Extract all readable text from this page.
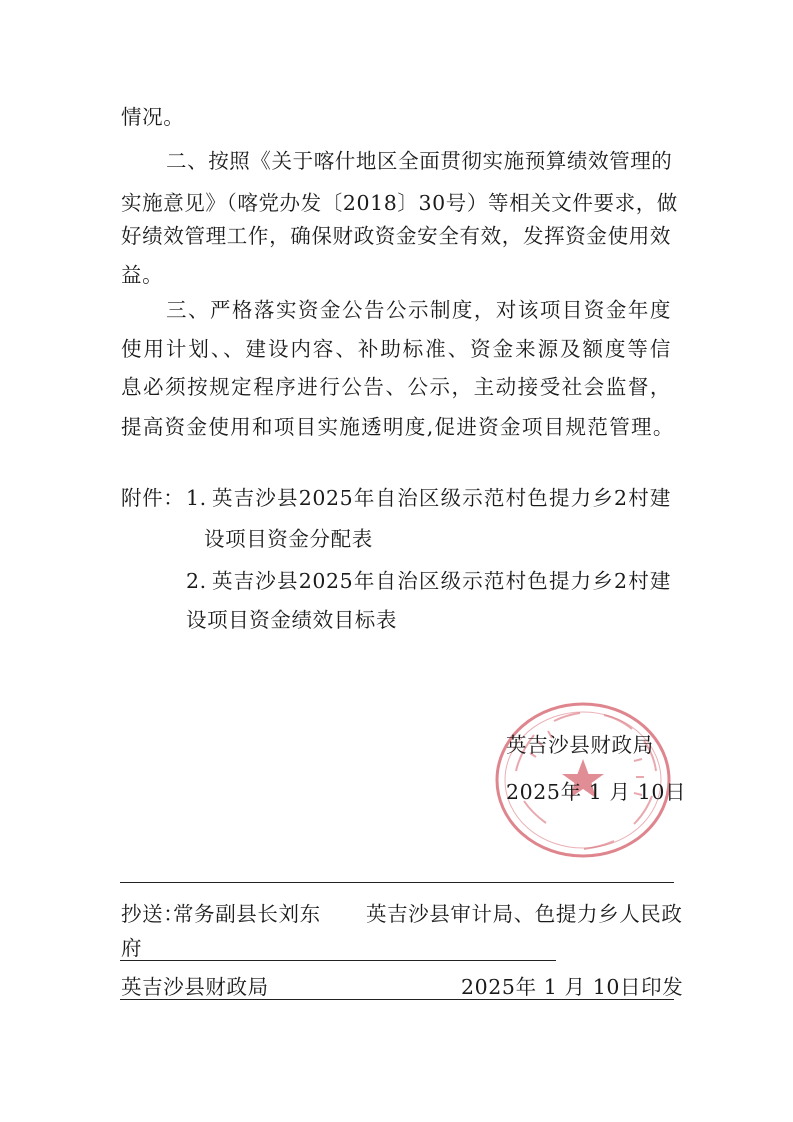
情况。
二、按照《关于喀什地区全面贯彻实施预算绩效管理的
实施意见》（喀党办发〔2018〕30号）等相关文件要求，做
好绩效管理工作，确保财政资金安全有效，发挥资金使用效
益。
三、严格落实资金公告公示制度，对该项目资金年度
使用计划、、建设内容、补助标准、资金来源及额度等信
息必须按规定程序进行公告、公示，主动接受社会监督，
提高资金使用和项目实施透明度,促进资金项目规范管理。
附件： 1. 英吉沙县2025年自治区级示范村色提力乡2村建
设项目资金分配表
2. 英吉沙县2025年自治区级示范村色提力乡2村建
设项目资金绩效目标表
英吉沙县财政局
2025年 1 月 10日
抄送：
常务副县长刘东 英吉沙县审计局、色提力乡人民政
府
英吉沙县财政局	2025年 1 月 10日印发
